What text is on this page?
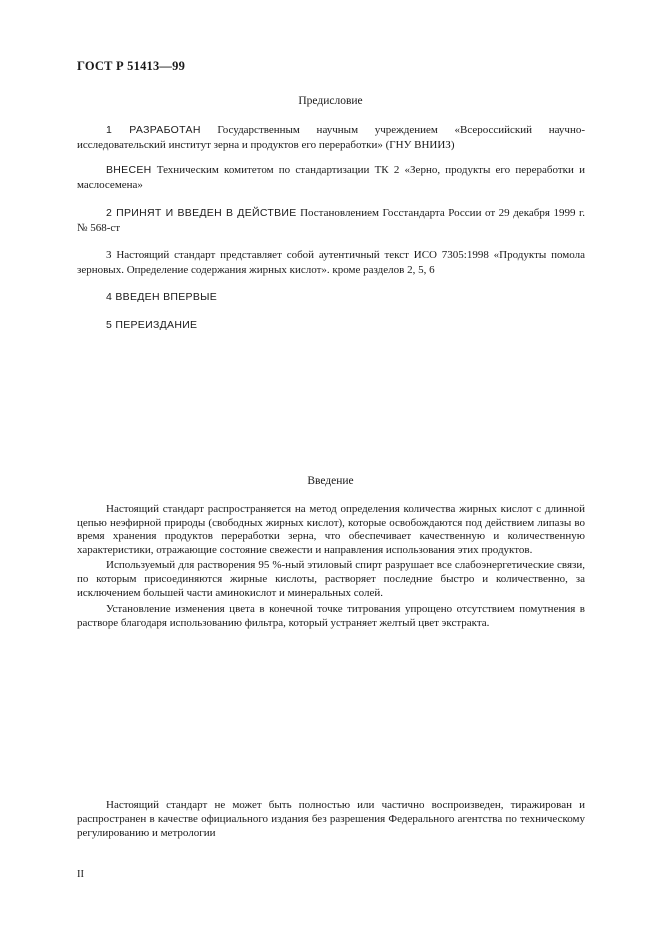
ГОСТ Р 51413—99
Предисловие

1 РАЗРАБОТАН Государственным научным учреждением «Всероссийский научно-исследовательский институт зерна и продуктов его переработки» (ГНУ ВНИИЗ)

ВНЕСЕН Техническим комитетом по стандартизации ТК 2 «Зерно, продукты его переработки и маслосемена»

2 ПРИНЯТ И ВВЕДЕН В ДЕЙСТВИЕ Постановлением Госстандарта России от 29 декабря 1999 г. № 568-ст

3 Настоящий стандарт представляет собой аутентичный текст ИСО 7305:1998 «Продукты помола зерновых. Определение содержания жирных кислот». кроме разделов 2, 5, 6

4 ВВЕДЕН ВПЕРВЫЕ

5 ПЕРЕИЗДАНИЕ

Введение

Настоящий стандарт распространяется на метод определения количества жирных кислот с длинной цепью неэфирной природы (свободных жирных кислот), которые освобождаются под действием липазы во время хранения продуктов переработки зерна, что обеспечивает качественную и количественную характеристики, отражающие состояние свежести и направления использования этих продуктов.

Используемый для растворения 95 %-ный этиловый спирт разрушает все слабоэнергетические связи, по которым присоединяются жирные кислоты, растворяет последние быстро и количественно, за исключением большей части аминокислот и минеральных солей.

Установление изменения цвета в конечной точке титрования упрощено отсутствием помутнения в растворе благодаря использованию фильтра, который устраняет желтый цвет экстракта.

Настоящий стандарт не может быть полностью или частично воспроизведен, тиражирован и распространен в качестве официального издания без разрешения Федерального агентства по техническому регулированию и метрологии

II
